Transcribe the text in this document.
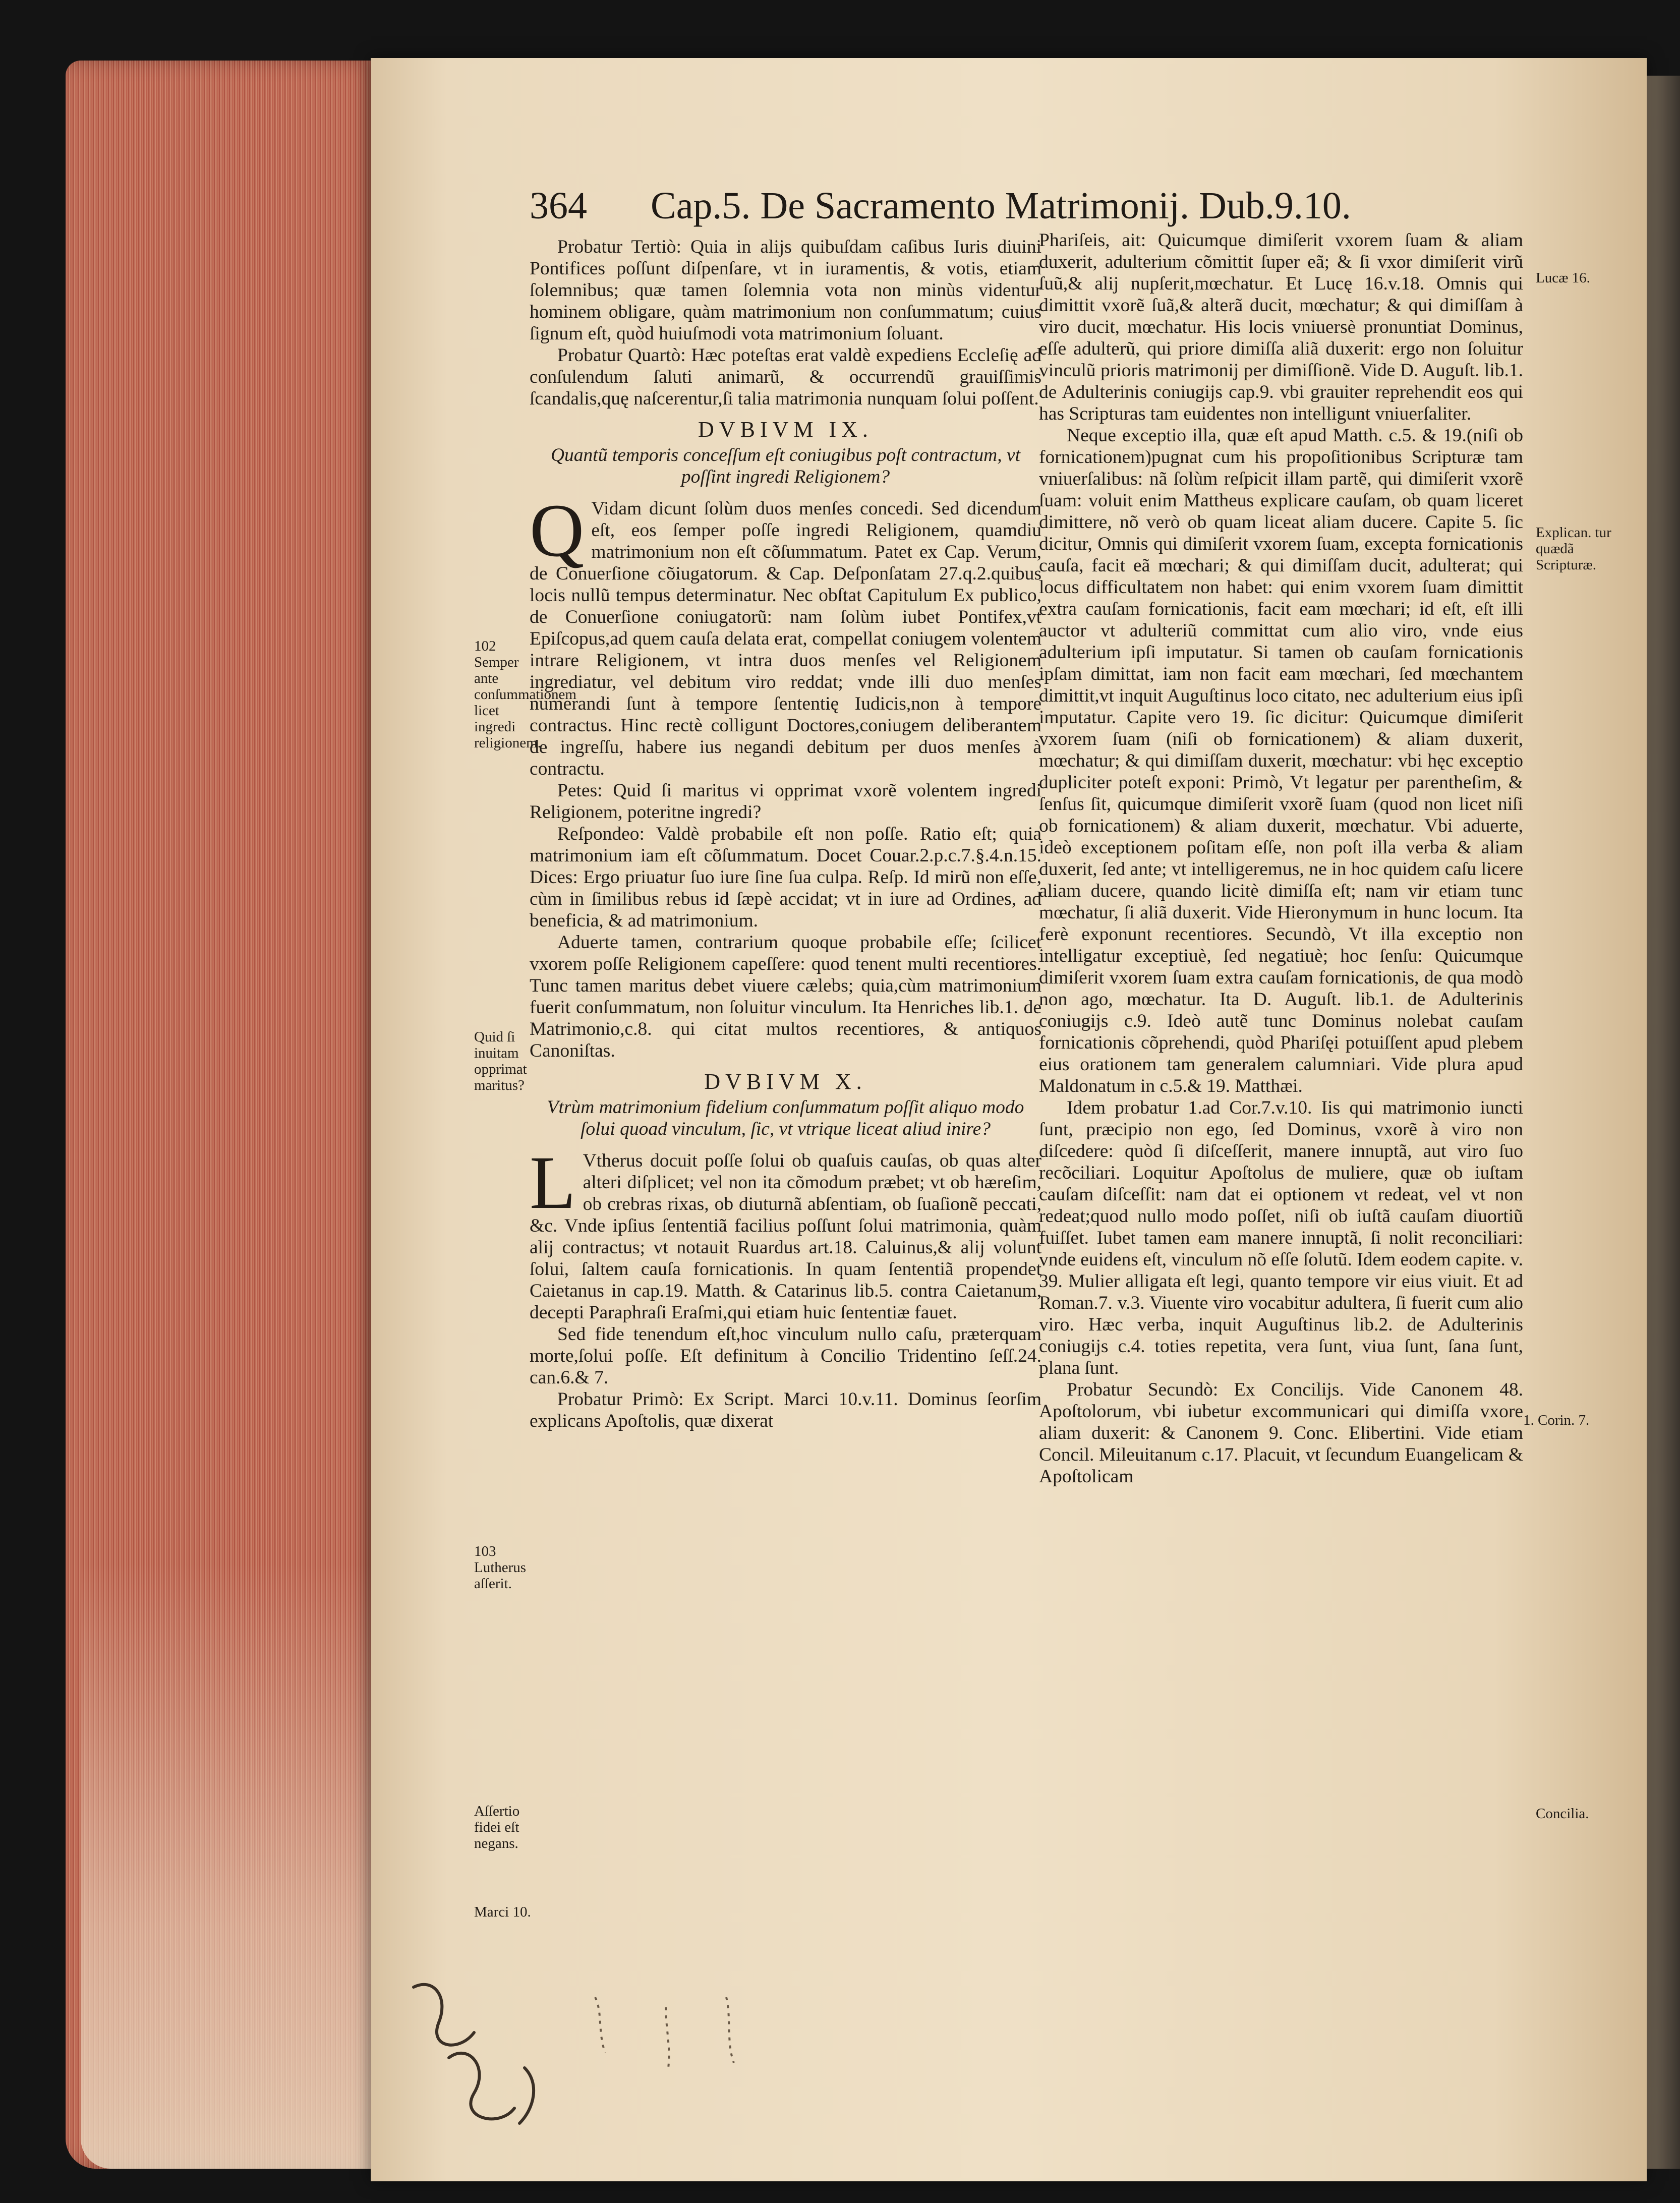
364 Cap.5. De Sacramento Matrimonij. Dub.9.10.

Probatur Tertiò: Quia in alijs quibuſdam caſibus Iuris diuini Pontifices poſſunt diſpenſare, vt in iuramentis, & votis, etiam ſolemnibus; quæ tamen ſolemnia vota non minùs videntur hominem obligare, quàm matrimonium non conſummatum; cuius ſignum eſt, quòd huiuſmodi vota matrimonium ſoluant.

Probatur Quartò: Hæc poteſtas erat valdè expediens Eccleſię ad conſulendum ſaluti animarũ, & occurrendũ grauiſſimis ſcandalis,quę naſcerentur,ſi talia matrimonia nunquam ſolui poſſent.

DVBIVM IX.
Quantũ temporis conceſſum eſt coniugibus poſt contractum, vt poſſint ingredi Religionem?

Q Vidam dicunt ſolùm duos menſes concedi. Sed dicendum eſt, eos ſemper poſſe ingredi Religionem, quamdiu matrimonium non eſt cõſummatum. Patet ex Cap. Verum, de Conuerſione cõiugatorum. & Cap. Deſponſatam 27.q.2.quibus locis nullũ tempus determinatur. Nec obſtat Capitulum Ex publico, de Conuerſione coniugatorũ: nam ſolùm iubet Pontifex,vt Epiſcopus,ad quem cauſa delata erat, compellat coniugem volentem intrare Religionem, vt intra duos menſes vel Religionem ingrediatur, vel debitum viro reddat; vnde illi duo menſes numerandi ſunt à tempore ſententię Iudicis,non à tempore contractus. Hinc rectè colligunt Doctores,coniugem deliberantem de ingreſſu, habere ius negandi debitum per duos menſes à contractu.

Petes: Quid ſi maritus vi opprimat vxorẽ volentem ingredi Religionem, poteritne ingredi?

Reſpondeo: Valdè probabile eſt non poſſe. Ratio eſt; quia matrimonium iam eſt cõſummatum. Docet Couar.2.p.c.7.§.4.n.15. Dices: Ergo priuatur ſuo iure ſine ſua culpa. Reſp. Id mirũ non eſſe, cùm in ſimilibus rebus id ſæpè accidat; vt in iure ad Ordines, ad beneficia, & ad matrimonium.

Aduerte tamen, contrarium quoque probabile eſſe; ſcilicet vxorem poſſe Religionem capeſſere: quod tenent multi recentiores. Tunc tamen maritus debet viuere cælebs; quia,cùm matrimonium fuerit conſummatum, non ſoluitur vinculum. Ita Henriches lib.1. de Matrimonio,c.8. qui citat multos recentiores, & antiquos Canoniſtas.

DVBIVM X.
Vtrùm matrimonium fidelium conſummatum poſſit aliquo modo ſolui quoad vinculum, ſic, vt vtrique liceat aliud inire?

L Vtherus docuit poſſe ſolui ob quaſuis cauſas, ob quas alter alteri diſplicet; vel non ita cõmodum præbet; vt ob hæreſim, ob crebras rixas, ob diuturnã abſentiam, ob ſuaſionẽ peccati, &c. Vnde ipſius ſententiã facilius poſſunt ſolui matrimonia, quàm alij contractus; vt notauit Ruardus art.18. Caluinus,& alij volunt ſolui, ſaltem cauſa fornicationis. In quam ſententiã propendet Caietanus in cap.19. Matth. & Catarinus lib.5. contra Caietanum, decepti Paraphraſi Eraſmi,qui etiam huic ſententiæ fauet.

Sed fide tenendum eſt,hoc vinculum nullo caſu, præterquam morte,ſolui poſſe. Eſt definitum à Concilio Tridentino ſeſſ.24. can.6.& 7.

Probatur Primò: Ex Script. Marci 10.v.11. Dominus ſeorſim explicans Apoſtolis, quæ dixerat

Phariſeis, ait: Quicumque dimiſerit vxorem ſuam & aliam duxerit, adulterium cõmittit ſuper eã; & ſi vxor dimiſerit virũ ſuũ,& alij nupſerit,mœchatur. Et Lucę 16.v.18. Omnis qui dimittit vxorẽ ſuã,& alterã ducit, mœchatur; & qui dimiſſam à viro ducit, mœchatur. His locis vniuersè pronuntiat Dominus, eſſe adulterũ, qui priore dimiſſa aliã duxerit: ergo non ſoluitur vinculũ prioris matrimonij per dimiſſionẽ. Vide D. Auguſt. lib.1. de Adulterinis coniugijs cap.9. vbi grauiter reprehendit eos qui has Scripturas tam euidentes non intelligunt vniuerſaliter.

Neque exceptio illa, quæ eſt apud Matth. c.5. & 19.(niſi ob fornicationem)pugnat cum his propoſitionibus Scripturæ tam vniuerſalibus: nã ſolùm reſpicit illam partẽ, qui dimiſerit vxorẽ ſuam: voluit enim Mattheus explicare cauſam, ob quam liceret dimittere, nõ verò ob quam liceat aliam ducere. Capite 5. ſic dicitur, Omnis qui dimiſerit vxorem ſuam, excepta fornicationis cauſa, facit eã mœchari; & qui dimiſſam ducit, adulterat; qui locus difficultatem non habet: qui enim vxorem ſuam dimittit extra cauſam fornicationis, facit eam mœchari; id eſt, eſt illi auctor vt adulteriũ committat cum alio viro, vnde eius adulterium ipſi imputatur. Si tamen ob cauſam fornicationis ipſam dimittat, iam non facit eam mœchari, ſed mœchantem dimittit,vt inquit Auguſtinus loco citato, nec adulterium eius ipſi imputatur. Capite vero 19. ſic dicitur: Quicumque dimiſerit vxorem ſuam (niſi ob fornicationem) & aliam duxerit, mœchatur; & qui dimiſſam duxerit, mœchatur: vbi hęc exceptio dupliciter poteſt exponi: Primò, Vt legatur per parentheſim, & ſenſus ſit, quicumque dimiſerit vxorẽ ſuam (quod non licet niſi ob fornicationem) & aliam duxerit, mœchatur. Vbi aduerte, ideò exceptionem poſitam eſſe, non poſt illa verba & aliam duxerit, ſed ante; vt intelligeremus, ne in hoc quidem caſu licere aliam ducere, quando licitè dimiſſa eſt; nam vir etiam tunc mœchatur, ſi aliã duxerit. Vide Hieronymum in hunc locum. Ita ferè exponunt recentiores. Secundò, Vt illa exceptio non intelligatur exceptiuè, ſed negatiuè; hoc ſenſu: Quicumque dimiſerit vxorem ſuam extra cauſam fornicationis, de qua modò non ago, mœchatur. Ita D. Auguſt. lib.1. de Adulterinis coniugijs c.9. Ideò autẽ tunc Dominus nolebat cauſam fornicationis cõprehendi, quòd Phariſęi potuiſſent apud plebem eius orationem tam generalem calumniari. Vide plura apud Maldonatum in c.5.& 19. Matthæi.

Idem probatur 1.ad Cor.7.v.10. Iis qui matrimonio iuncti ſunt, præcipio non ego, ſed Dominus, vxorẽ à viro non diſcedere: quòd ſi diſceſſerit, manere innuptã, aut viro ſuo recõciliari. Loquitur Apoſtolus de muliere, quæ ob iuſtam cauſam diſceſſit: nam dat ei optionem vt redeat, vel vt non redeat;quod nullo modo poſſet, niſi ob iuſtã cauſam diuortiũ fuiſſet. Iubet tamen eam manere innuptã, ſi nolit reconciliari: vnde euidens eſt, vinculum nõ eſſe ſolutũ. Idem eodem capite. v. 39. Mulier alligata eſt legi, quanto tempore vir eius viuit. Et ad Roman.7. v.3. Viuente viro vocabitur adultera, ſi fuerit cum alio viro. Hæc verba, inquit Auguſtinus lib.2. de Adulterinis coniugijs c.4. toties repetita, vera ſunt, viua ſunt, ſana ſunt, plana ſunt.

Probatur Secundò: Ex Concilijs. Vide Canonem 48. Apoſtolorum, vbi iubetur excommunicari qui dimiſſa vxore aliam duxerit: & Canonem 9. Conc. Elibertini. Vide etiam Concil. Mileuitanum c.17. Placuit, vt ſecundum Euangelicam & Apoſtolicam

102
Semper ante conſummationem licet ingredi religionem.
Quid ſi inuitam opprimat maritus?
103
Lutherus aſſerit.
Aſſertio fidei eſt negans.
Marci 10.
Lucæ 16.
Explican. tur quædã Scripturæ.
1. Corin. 7.
Concilia.
